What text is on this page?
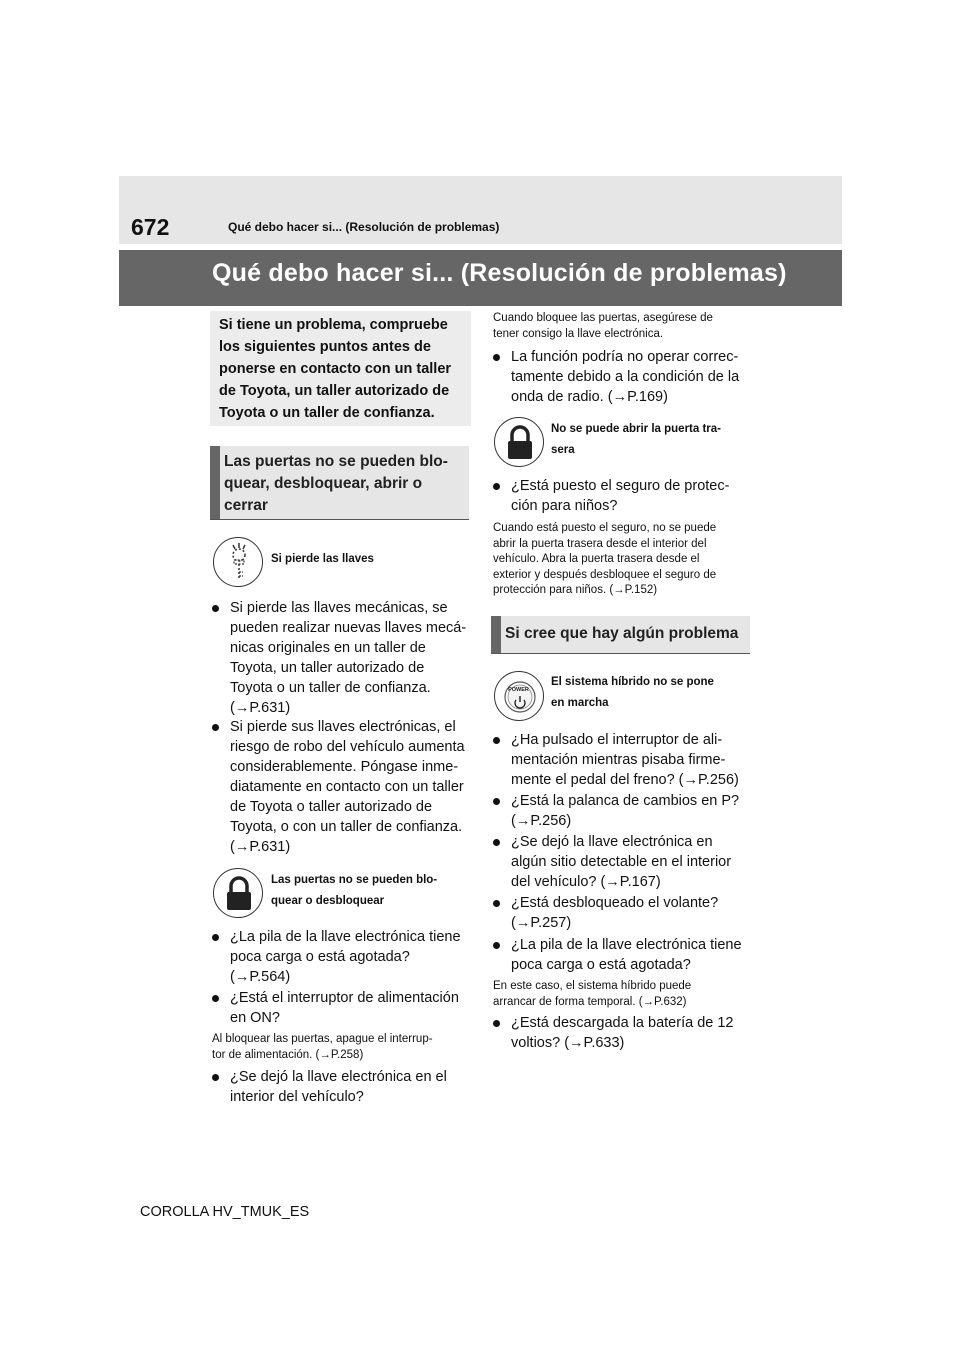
672	Qué debo hacer si... (Resolución de problemas)
Qué debo hacer si... (Resolución de problemas)
Si tiene un problema, compruebe
los siguientes puntos antes de
ponerse en contacto con un taller
de Toyota, un taller autorizado de
Toyota o un taller de confianza.
Las puertas no se pueden blo-
quear, desbloquear, abrir o
cerrar
Si pierde las llaves
Si pierde las llaves mecánicas, se
pueden realizar nuevas llaves mecá-
nicas originales en un taller de
Toyota, un taller autorizado de
Toyota o un taller de confianza.
(→P.631)
Si pierde sus llaves electrónicas, el
riesgo de robo del vehículo aumenta
considerablemente. Póngase inme-
diatamente en contacto con un taller
de Toyota o taller autorizado de
Toyota, o con un taller de confianza.
(→P.631)
Las puertas no se pueden blo-
quear o desbloquear
¿La pila de la llave electrónica tiene
poca carga o está agotada?
(→P.564)
¿Está el interruptor de alimentación
en ON?
Al bloquear las puertas, apague el interrup-
tor de alimentación. (→P.258)
¿Se dejó la llave electrónica en el
interior del vehículo?
Cuando bloquee las puertas, asegúrese de
tener consigo la llave electrónica.
La función podría no operar correc-
tamente debido a la condición de la
onda de radio. (→P.169)
No se puede abrir la puerta tra-
sera
¿Está puesto el seguro de protec-
ción para niños?
Cuando está puesto el seguro, no se puede
abrir la puerta trasera desde el interior del
vehículo. Abra la puerta trasera desde el
exterior y después desbloquee el seguro de
protección para niños. (→P.152)
Si cree que hay algún problema
POWER
El sistema híbrido no se pone
en marcha
¿Ha pulsado el interruptor de ali-
mentación mientras pisaba firme-
mente el pedal del freno? (→P.256)
¿Está la palanca de cambios en P?
(→P.256)
¿Se dejó la llave electrónica en
algún sitio detectable en el interior
del vehículo? (→P.167)
¿Está desbloqueado el volante?
(→P.257)
¿La pila de la llave electrónica tiene
poca carga o está agotada?
En este caso, el sistema híbrido puede
arrancar de forma temporal. (→P.632)
¿Está descargada la batería de 12
voltios? (→P.633)
COROLLA HV_TMUK_ES
